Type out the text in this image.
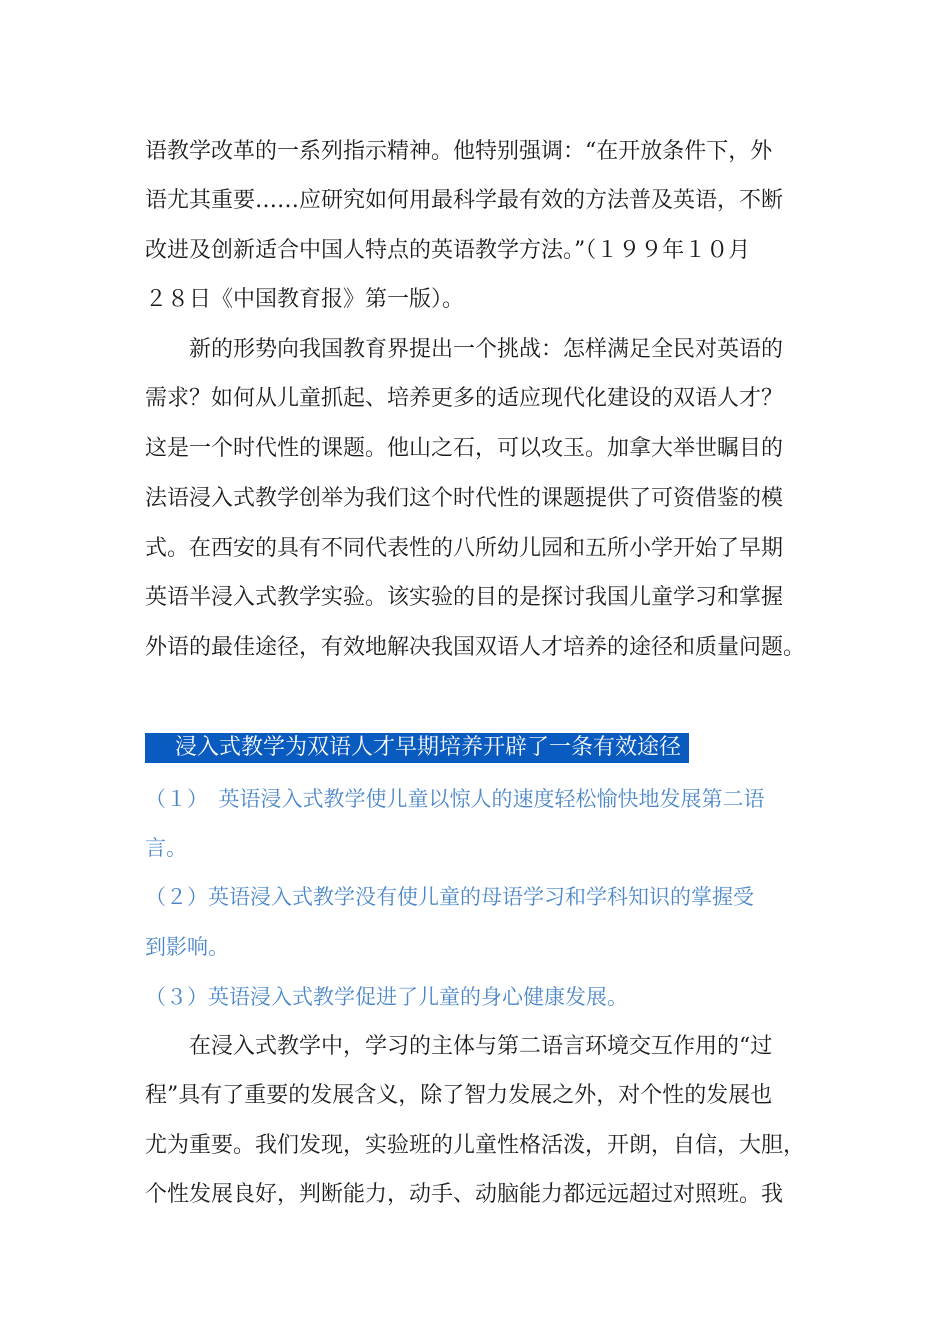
语教学改革的一系列指示精神。他特别强调：“在开放条件下，外
语尤其重要……应研究如何用最科学最有效的方法普及英语，不断
改进及创新适合中国人特点的英语教学方法。”（１９９年１０月
２８日《中国教育报》第一版）。
新的形势向我国教育界提出一个挑战：怎样满足全民对英语的
需求？如何从儿童抓起、培养更多的适应现代化建设的双语人才？
这是一个时代性的课题。他山之石，可以攻玉。加拿大举世瞩目的
法语浸入式教学创举为我们这个时代性的课题提供了可资借鉴的模
式。在西安的具有不同代表性的八所幼儿园和五所小学开始了早期
英语半浸入式教学实验。该实验的目的是探讨我国儿童学习和掌握
外语的最佳途径，有效地解决我国双语人才培养的途径和质量问题。
浸入式教学为双语人才早期培养开辟了一条有效途径
（１）　英语浸入式教学使儿童以惊人的速度轻松愉快地发展第二语
言。
（２）英语浸入式教学没有使儿童的母语学习和学科知识的掌握受
到影响。
（３）英语浸入式教学促进了儿童的身心健康发展。
在浸入式教学中，学习的主体与第二语言环境交互作用的“过
程”具有了重要的发展含义，除了智力发展之外，对个性的发展也
尤为重要。我们发现，实验班的儿童性格活泼，开朗，自信，大胆，
个性发展良好，判断能力，动手、动脑能力都远远超过对照班。我
